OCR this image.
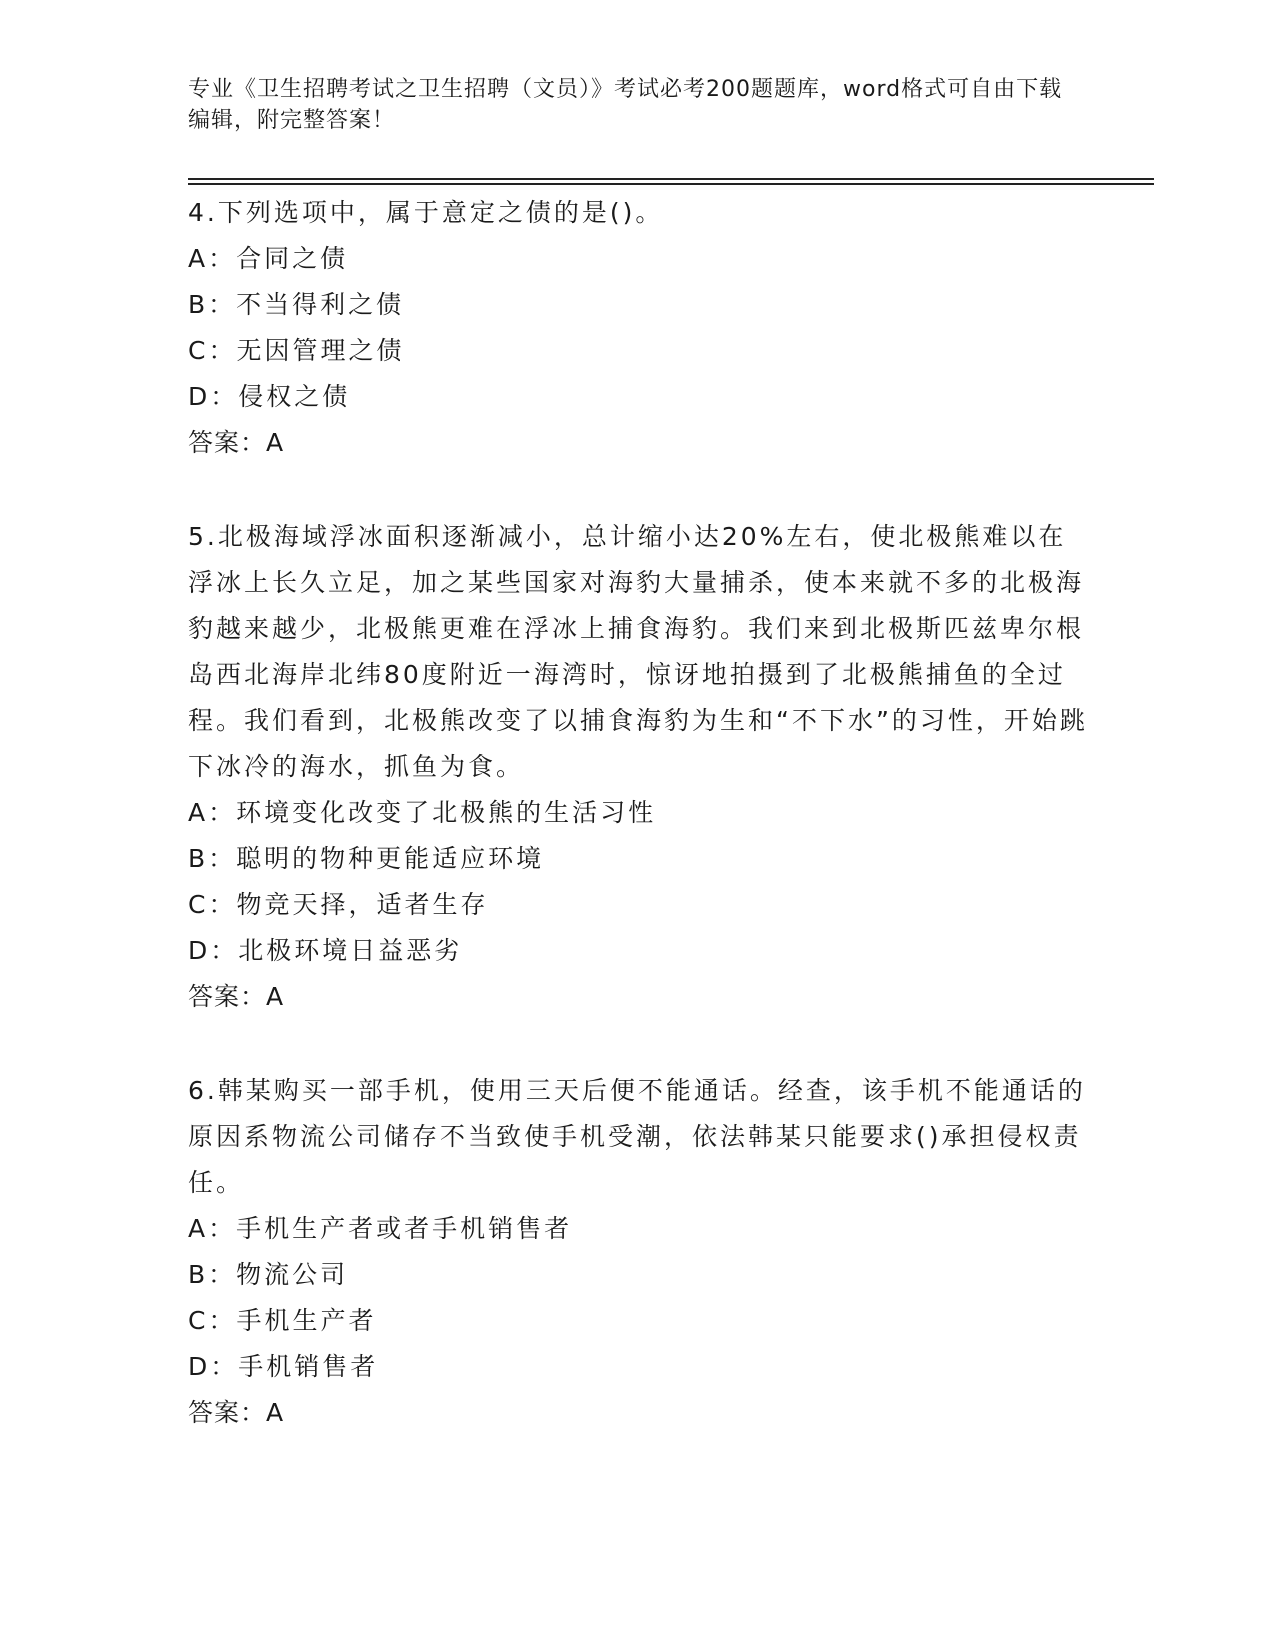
专业《卫生招聘考试之卫生招聘（文员）》考试必考200题题库，word格式可自由下载编辑，附完整答案！

4.下列选项中，属于意定之债的是()。

A：合同之债

B：不当得利之债

C：无因管理之债

D：侵权之债

答案：A

5.北极海域浮冰面积逐渐减小，总计缩小达20%左右，使北极熊难以在浮冰上长久立足，加之某些国家对海豹大量捕杀，使本来就不多的北极海豹越来越少，北极熊更难在浮冰上捕食海豹。我们来到北极斯匹兹卑尔根岛西北海岸北纬80度附近一海湾时，惊讶地拍摄到了北极熊捕鱼的全过程。我们看到，北极熊改变了以捕食海豹为生和“不下水”的习性，开始跳下冰冷的海水，抓鱼为食。

A：环境变化改变了北极熊的生活习性

B：聪明的物种更能适应环境

C：物竞天择，适者生存

D：北极环境日益恶劣

答案：A

6.韩某购买一部手机，使用三天后便不能通话。经查，该手机不能通话的原因系物流公司储存不当致使手机受潮，依法韩某只能要求()承担侵权责任。

A：手机生产者或者手机销售者

B：物流公司

C：手机生产者

D：手机销售者

答案：A
